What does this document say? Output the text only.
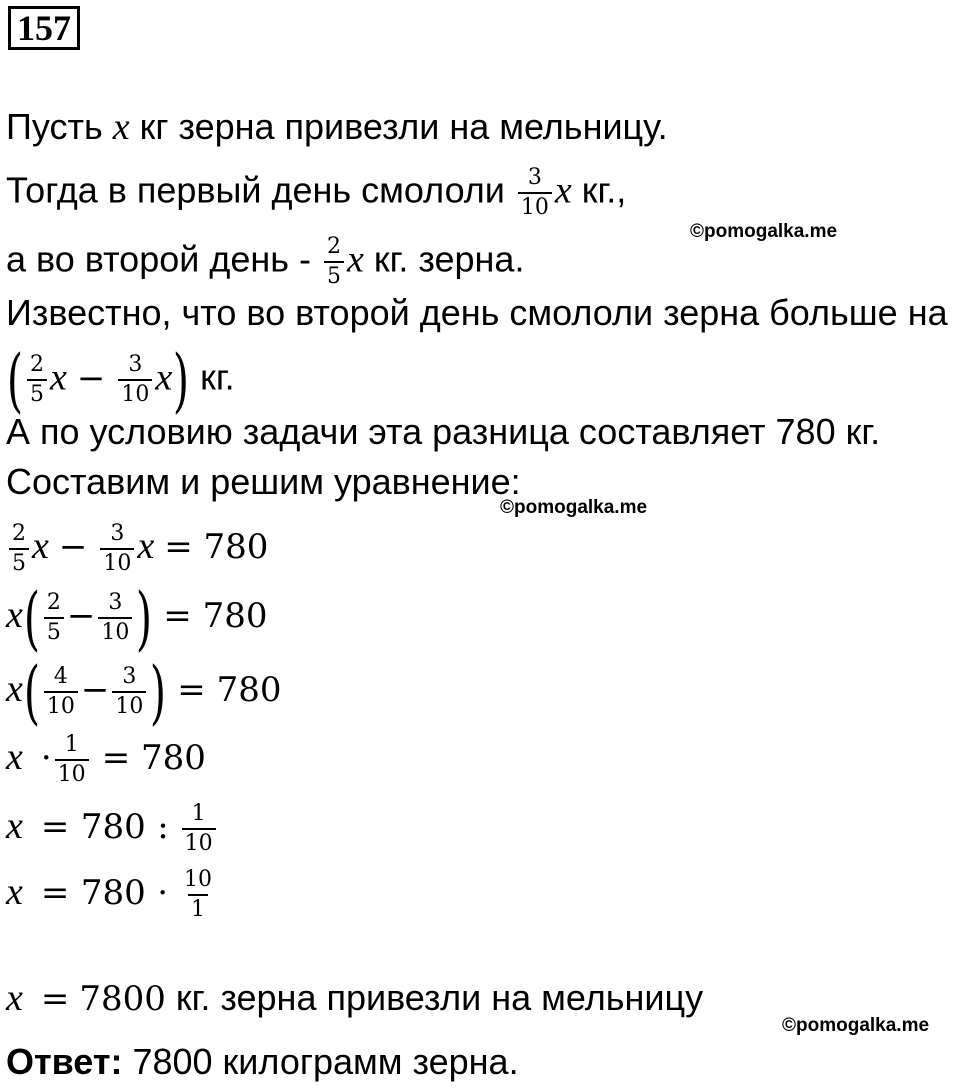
157
Пусть x кг зерна привезли на мельницу.
Тогда в первый день смололи $\frac{3}{10}$ x кг.,
©pomogalka.me
а во второй день - $\frac{2}{5}$ x кг. зерна.
Известно, что во второй день смололи зерна больше на
( $\frac{2}{5}$ $x - \frac{3}{10} x$) кг.
А по условию задачи эта разница составляет 780 кг.
Составим и решим уравнение:
©pomogalka.me
$\frac{2}{5}$ $x - \frac{3}{10}$ x = 780
$x( \frac{2}{5} - \frac{3}{10}$ ) = 780
$x( \frac{4}{10} - \frac{3}{10}$ ) = 780
$x \cdot \frac{1}{10} = 780$
x = 780 : $\frac{1}{10}$
$x = 780 \cdot \frac{10}{1}$
x = 7800 кг. зерна привезли на мельницу
©pomogalka.me
Ответ: 7800 килограмм зерна.
